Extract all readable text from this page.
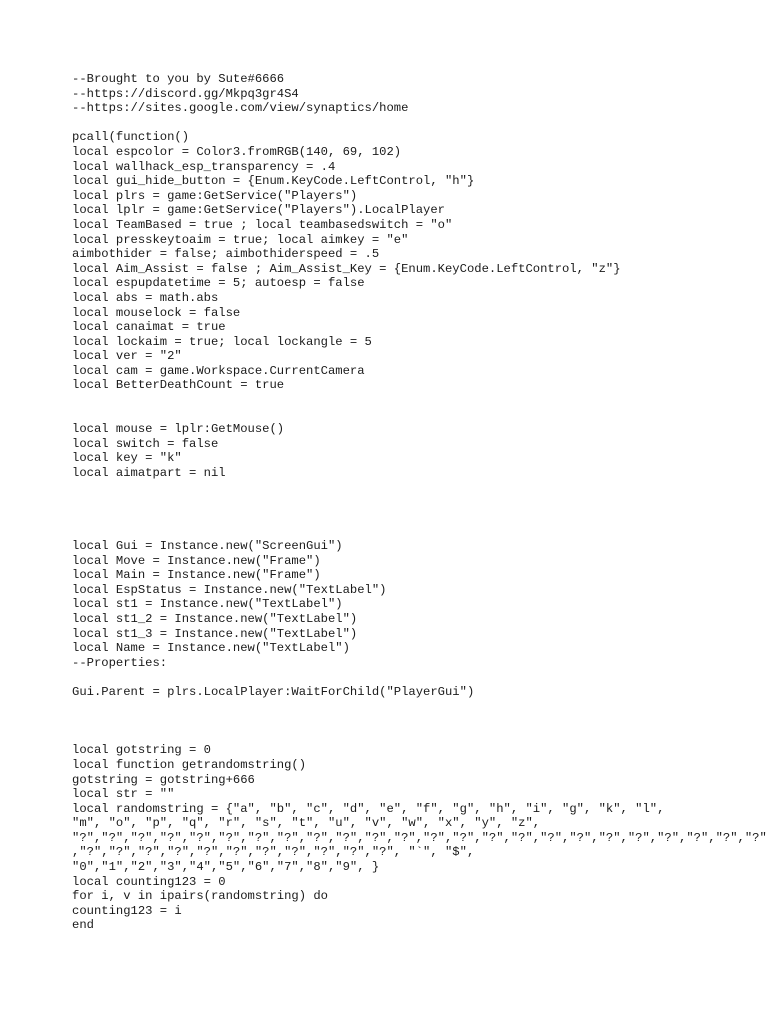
--Brought to you by Sute#6666
--https://discord.gg/Mkpq3gr4S4
--https://sites.google.com/view/synaptics/home
pcall(function()
local espcolor = Color3.fromRGB(140, 69, 102)
local wallhack_esp_transparency = .4
local gui_hide_button = {Enum.KeyCode.LeftControl, "h"}
local plrs = game:GetService("Players")
local lplr = game:GetService("Players").LocalPlayer
local TeamBased = true ; local teambasedswitch = "o"
local presskeytoaim = true; local aimkey = "e"
aimbothider = false; aimbothiderspeed = .5
local Aim_Assist = false ; Aim_Assist_Key = {Enum.KeyCode.LeftControl, "z"}
local espupdatetime = 5; autoesp = false
local abs = math.abs
local mouselock = false
local canaimat = true
local lockaim = true; local lockangle = 5
local ver = "2"
local cam = game.Workspace.CurrentCamera
local BetterDeathCount = true
local mouse = lplr:GetMouse()
local switch = false
local key = "k"
local aimatpart = nil
local Gui = Instance.new("ScreenGui")
local Move = Instance.new("Frame")
local Main = Instance.new("Frame")
local EspStatus = Instance.new("TextLabel")
local st1 = Instance.new("TextLabel")
local st1_2 = Instance.new("TextLabel")
local st1_3 = Instance.new("TextLabel")
local Name = Instance.new("TextLabel")
--Properties:
Gui.Parent = plrs.LocalPlayer:WaitForChild("PlayerGui")
local gotstring = 0
local function getrandomstring()
gotstring = gotstring+666
local str = ""
local randomstring = {"a", "b", "c", "d", "e", "f", "g", "h", "i", "g", "k", "l",
"m", "o", "p", "q", "r", "s", "t", "u", "v", "w", "x", "y", "z",
"?","?","?","?","?","?","?","?","?","?","?","?","?","?","?","?","?","?","?","?","?","?","?","?"
,"?","?","?","?","?","?","?","?","?","?","?", "`", "$",
"0","1","2","3","4","5","6","7","8","9", }
local counting123 = 0
for i, v in ipairs(randomstring) do
counting123 = i
end
